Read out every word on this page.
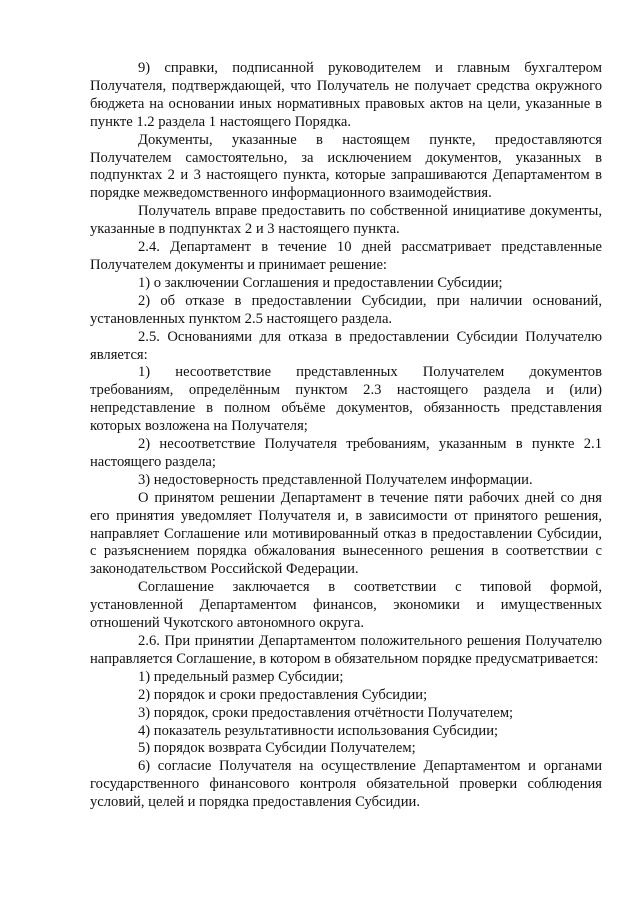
9) справки, подписанной руководителем и главным бухгалтером Получателя, подтверждающей, что Получатель не получает средства окружного бюджета на основании иных нормативных правовых актов на цели, указанные в пункте 1.2 раздела 1 настоящего Порядка.

Документы, указанные в настоящем пункте, предоставляются Получателем самостоятельно, за исключением документов, указанных в подпунктах 2 и 3 настоящего пункта, которые запрашиваются Департаментом в порядке межведомственного информационного взаимодействия.

Получатель вправе предоставить по собственной инициативе документы, указанные в подпунктах 2 и 3 настоящего пункта.

2.4. Департамент в течение 10 дней рассматривает представленные Получателем документы и принимает решение:

1) о заключении Соглашения и предоставлении Субсидии;

2) об отказе в предоставлении Субсидии, при наличии оснований, установленных пунктом 2.5 настоящего раздела.

2.5. Основаниями для отказа в предоставлении Субсидии Получателю является:

1) несоответствие представленных Получателем документов требованиям, определённым пунктом 2.3 настоящего раздела и (или) непредставление в полном объёме документов, обязанность представления которых возложена на Получателя;

2) несоответствие Получателя требованиям, указанным в пункте 2.1 настоящего раздела;

3) недостоверность представленной Получателем информации.

О принятом решении Департамент в течение пяти рабочих дней со дня его принятия уведомляет Получателя и, в зависимости от принятого решения, направляет Соглашение или мотивированный отказ в предоставлении Субсидии, с разъяснением порядка обжалования вынесенного решения в соответствии с законодательством Российской Федерации.

Соглашение заключается в соответствии с типовой формой, установленной Департаментом финансов, экономики и имущественных отношений Чукотского автономного округа.

2.6. При принятии Департаментом положительного решения Получателю направляется Соглашение, в котором в обязательном порядке предусматривается:

1) предельный размер Субсидии;

2) порядок и сроки предоставления Субсидии;

3) порядок, сроки предоставления отчётности Получателем;

4) показатель результативности использования Субсидии;

5) порядок возврата Субсидии Получателем;

6) согласие Получателя на осуществление Департаментом и органами государственного финансового контроля обязательной проверки соблюдения условий, целей и порядка предоставления Субсидии.
